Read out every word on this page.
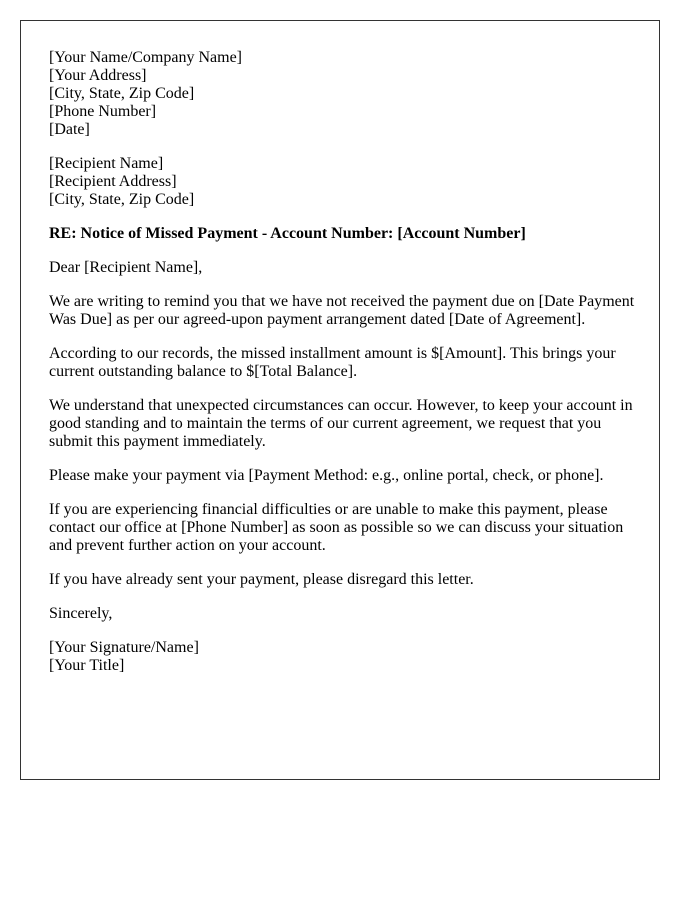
[Your Name/Company Name]
[Your Address]
[City, State, Zip Code]
[Phone Number]
[Date]
[Recipient Name]
[Recipient Address]
[City, State, Zip Code]

RE: Notice of Missed Payment - Account Number: [Account Number]

Dear [Recipient Name],

We are writing to remind you that we have not received the payment due on [Date Payment Was Due] as per our agreed-upon payment arrangement dated [Date of Agreement].

According to our records, the missed installment amount is $[Amount]. This brings your current outstanding balance to $[Total Balance].

We understand that unexpected circumstances can occur. However, to keep your account in good standing and to maintain the terms of our current agreement, we request that you submit this payment immediately.

Please make your payment via [Payment Method: e.g., online portal, check, or phone].

If you are experiencing financial difficulties or are unable to make this payment, please contact our office at [Phone Number] as soon as possible so we can discuss your situation and prevent further action on your account.

If you have already sent your payment, please disregard this letter.

Sincerely,

[Your Signature/Name]
[Your Title]
